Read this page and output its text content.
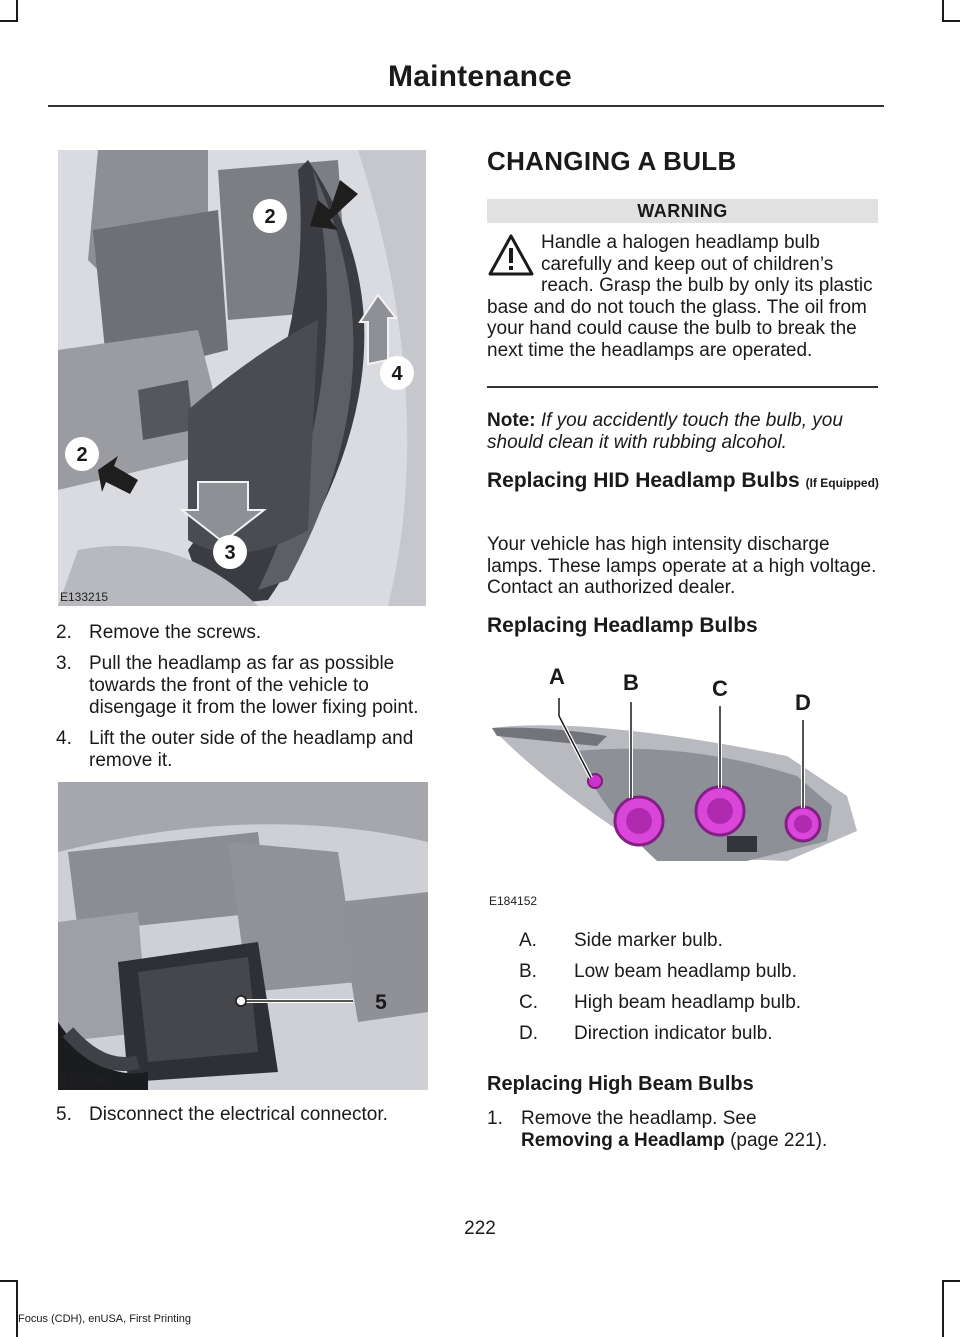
Maintenance
2
4
2
3
E133215
2. Remove the screws.
3. Pull the headlamp as far as possible towards the front of the vehicle to disengage it from the lower fixing point.
4. Lift the outer side of the headlamp and remove it.
5
E133750
5. Disconnect the electrical connector.
CHANGING A BULB
WARNING
Handle a halogen headlamp bulb carefully and keep out of children’s reach. Grasp the bulb by only its plastic base and do not touch the glass. The oil from your hand could cause the bulb to break the next time the headlamps are operated.
Note: If you accidently touch the bulb, you should clean it with rubbing alcohol.
Replacing HID Headlamp Bulbs (If Equipped)
Your vehicle has high intensity discharge lamps. These lamps operate at a high voltage. Contact an authorized dealer.
Replacing Headlamp Bulbs
A	B	C
D
E184152
A. Side marker bulb.
B. Low beam headlamp bulb.
C. High beam headlamp bulb.
D. Direction indicator bulb.
Replacing High Beam Bulbs
1. Remove the headlamp. See
Removing a Headlamp (page 221).
222
Focus (CDH), enUSA, First Printing
